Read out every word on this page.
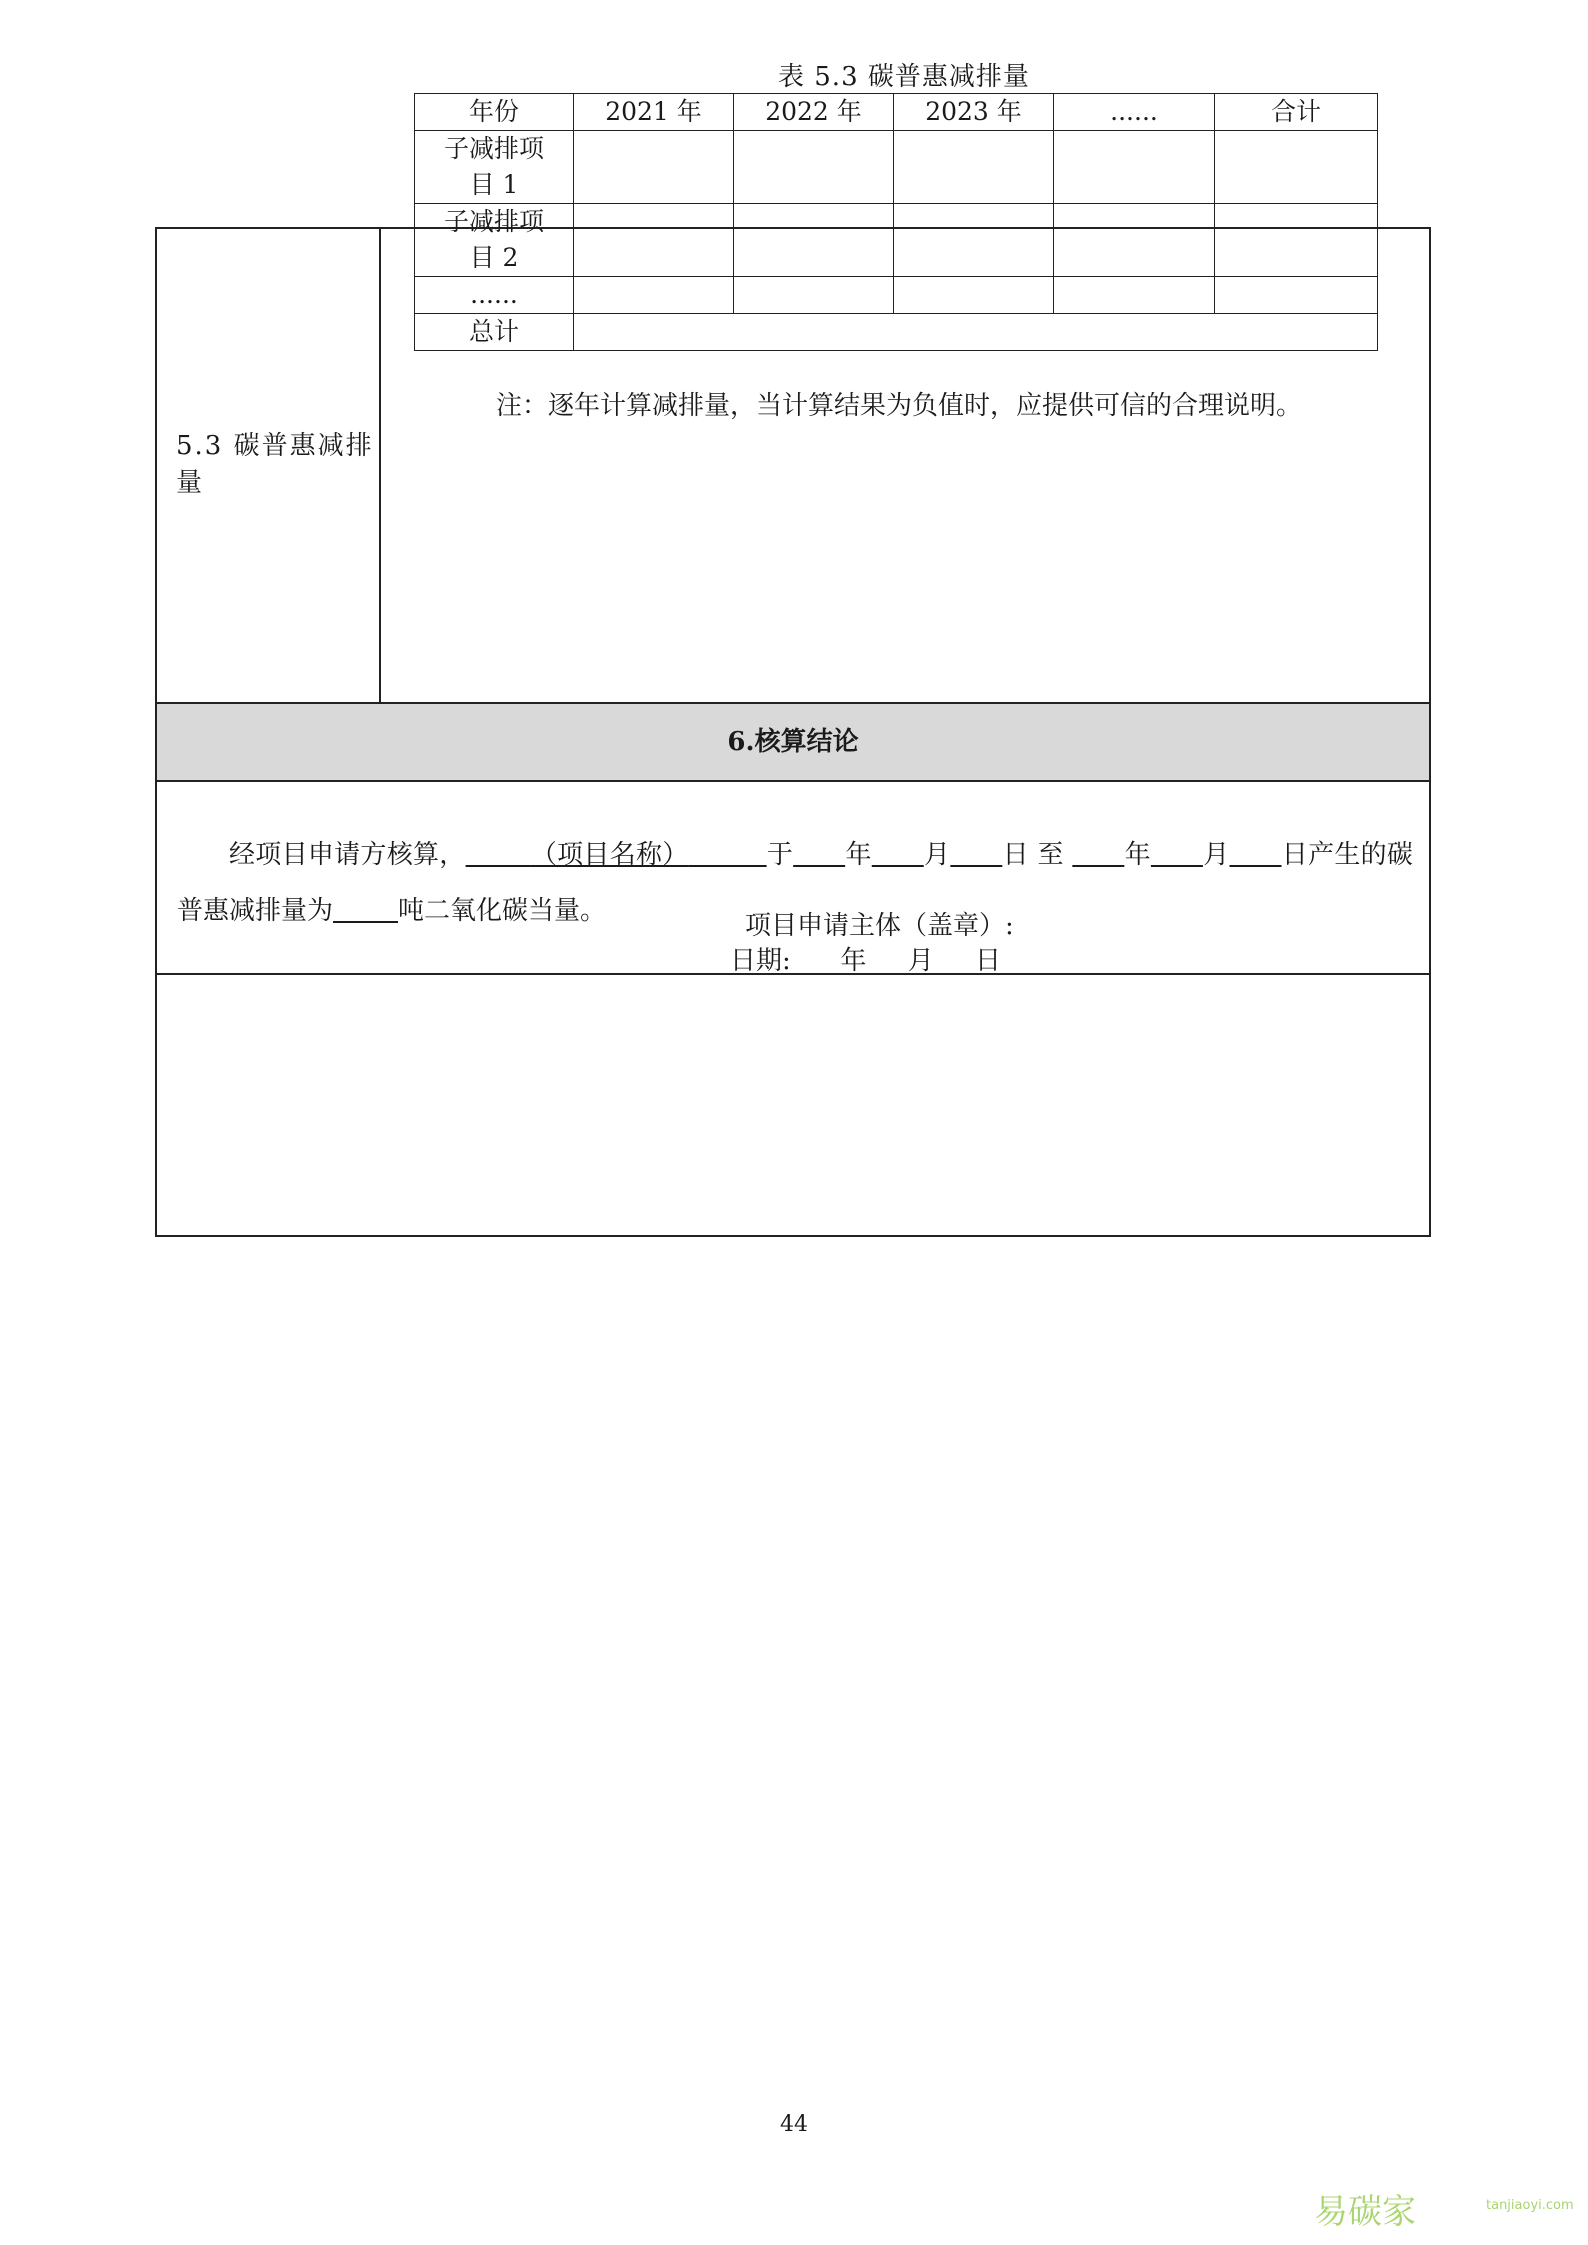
5.3 碳普惠减排量
6.核算结论
经项目申请方核算，   	（项目名称）   	于   年   月   日 至    年   月   日产生的碳普惠减排量为   	吨二氧化碳当量。
表 5.3 碳普惠减排量
年份	2021 年	2022 年	2023 年	......	合计
子减排项目 1					
子减排项目 2					
......					
总计					
注：逐年计算减排量，当计算结果为负值时，应提供可信的合理说明。
项目申请主体（盖章）:
日期: 年 月 日
44
易碳家	tanjiaoyi.com
